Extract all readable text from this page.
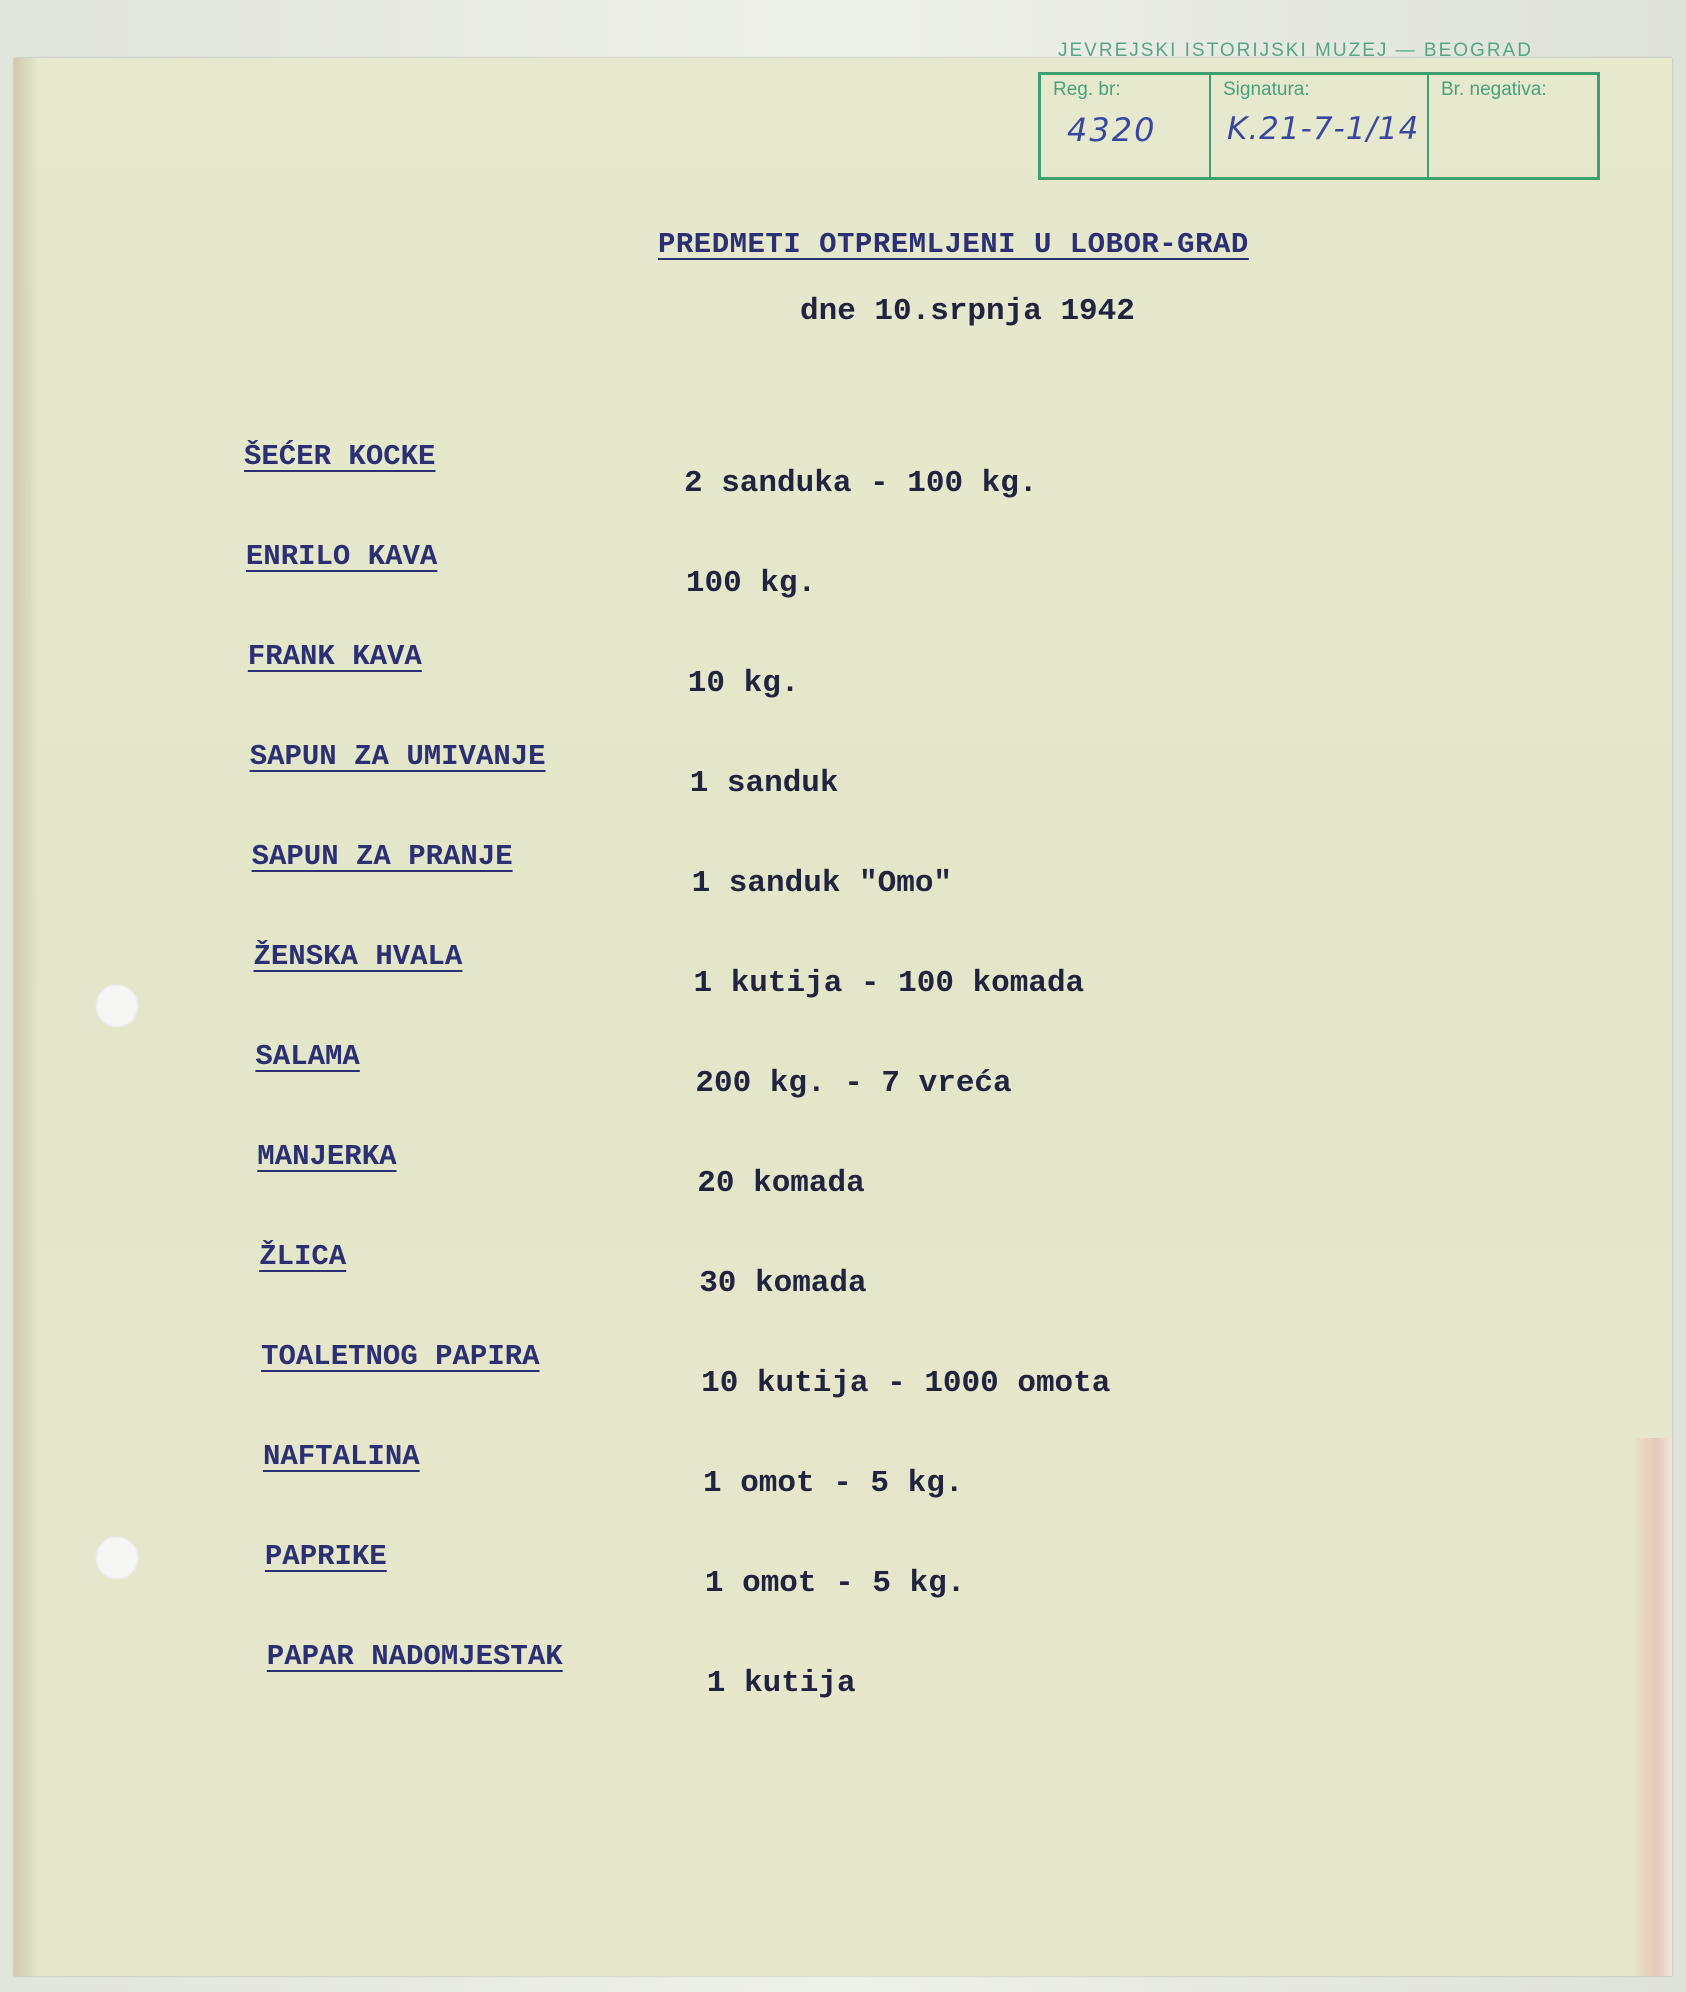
JEVREJSKI ISTORIJSKI MUZEJ — BEOGRAD
Reg. br:
4320
Signatura:
K.21-7-1/14
Br. negativa:
PREDMETI OTPREMLJENI U LOBOR-GRAD
dne 10.srpnja 1942
ŠEĆER KOCKE
2 sanduka - 100 kg.
ENRILO KAVA
100 kg.
FRANK KAVA
10 kg.
SAPUN ZA UMIVANJE
1 sanduk
SAPUN ZA PRANJE
1 sanduk "Omo"
ŽENSKA HVALA
1 kutija - 100 komada
SALAMA
200 kg. - 7 vreća
MANJERKA
20 komada
ŽLICA
30 komada
TOALETNOG PAPIRA
10 kutija - 1000 omota
NAFTALINA
1 omot - 5 kg.
PAPRIKE
1 omot - 5 kg.
PAPAR NADOMJESTAK
1 kutija
